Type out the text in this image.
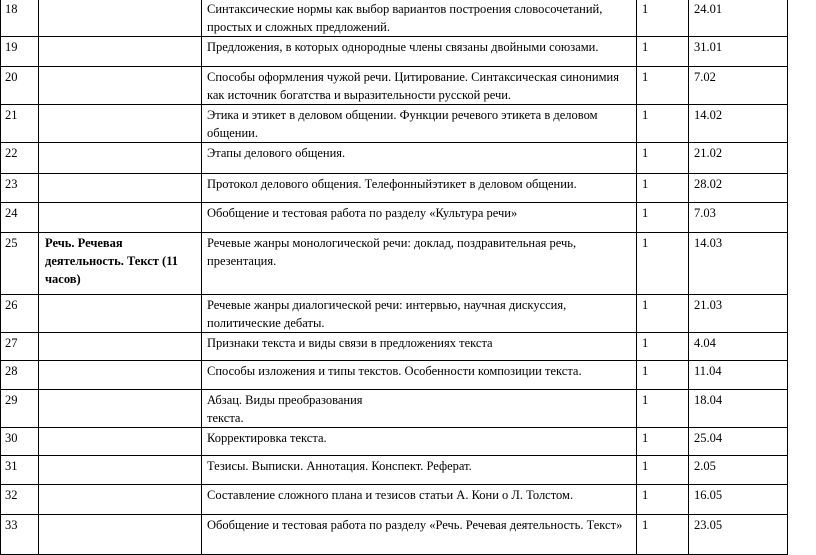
18		Синтаксические нормы как выбор вариантов построения словосочетаний, простых и сложных предложений.	1	24.01
19		Предложения, в которых однородные члены связаны двойными союзами.	1	31.01
20		Способы оформления чужой речи. Цитирование. Синтаксическая синонимия как источник богатства и выразительности русской речи.	1	7.02
21		Этика и этикет в деловом общении. Функции речевого этикета в деловом общении.	1	14.02
22		Этапы делового общения.	1	21.02
23		Протокол делового общения. Телефонныйэтикет в деловом общении.	1	28.02
24		Обобщение и тестовая работа по разделу «Культура речи»	1	7.03
25	Речь. Речевая деятельность. Текст (11 часов)	Речевые жанры монологической речи: доклад, поздравительная речь, презентация.	1	14.03
26		Речевые жанры диалогической речи: интервью, научная дискуссия, политические дебаты.	1	21.03
27		Признаки текста и виды связи в предложениях текста	1	4.04
28		Способы изложения и типы текстов. Особенности композиции текста.	1	11.04
29		Абзац. Виды преобразования текста.	1	18.04
30		Корректировка текста.	1	25.04
31		Тезисы. Выписки. Аннотация. Конспект. Реферат.	1	2.05
32		Составление сложного плана и тезисов статьи А. Кони о Л. Толстом.	1	16.05
33		Обобщение и тестовая работа по разделу «Речь. Речевая деятельность. Текст»	1	23.05
